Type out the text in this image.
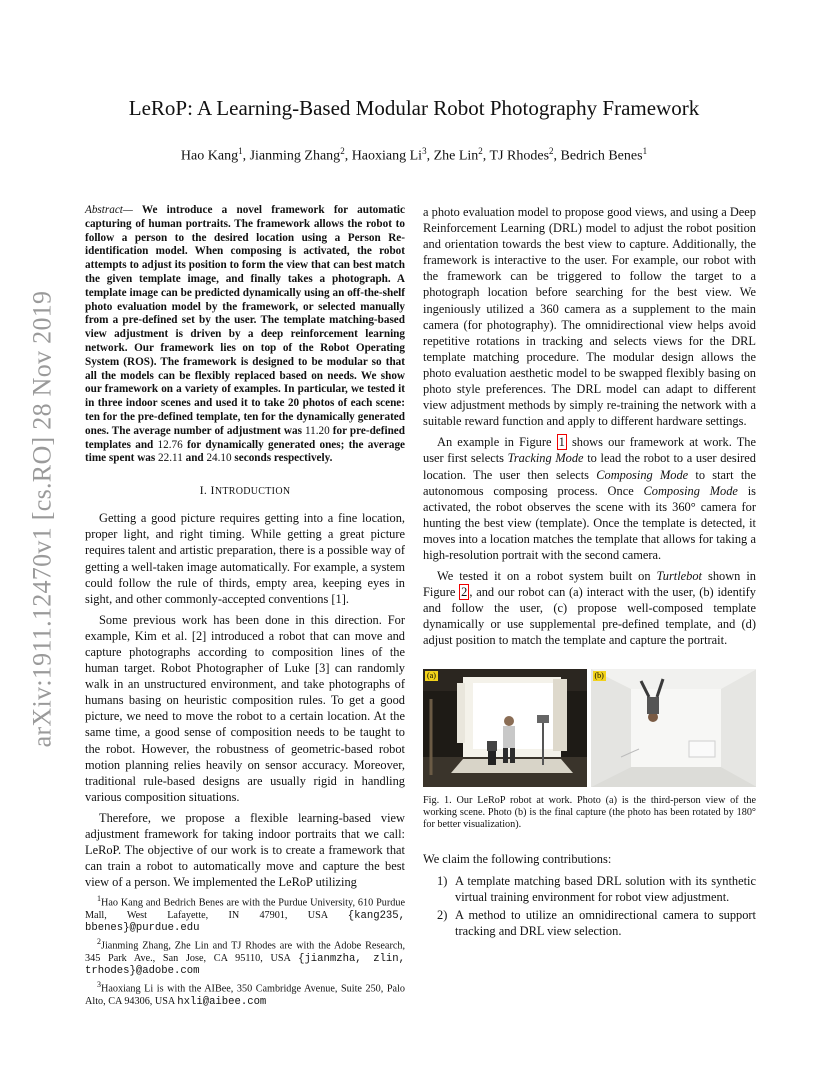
arXiv:1911.12470v1 [cs.RO] 28 Nov 2019
LeRoP: A Learning-Based Modular Robot Photography Framework
Hao Kang$^1$, Jianming Zhang$^2$, Haoxiang Li$^3$, Zhe Lin$^2$, TJ Rhodes$^2$, Bedrich Benes$^1$

Abstract— We introduce a novel framework for automatic capturing of human portraits. The framework allows the robot to follow a person to the desired location using a Person Re-identification model. When composing is activated, the robot attempts to adjust its position to form the view that can best match the given template image, and finally takes a photograph. A template image can be predicted dynamically using an off-the-shelf photo evaluation model by the framework, or selected manually from a pre-defined set by the user. The template matching-based view adjustment is driven by a deep reinforcement learning network. Our framework lies on top of the Robot Operating System (ROS). The framework is designed to be modular so that all the models can be flexibly replaced based on needs. We show our framework on a variety of examples. In particular, we tested it in three indoor scenes and used it to take 20 photos of each scene: ten for the pre-defined template, ten for the dynamically generated ones. The average number of adjustment was 11.20 for pre-defined templates and 12.76 for dynamically generated ones; the average time spent was 22.11 and 24.10 seconds respectively.

I. INTRODUCTION

Getting a good picture requires getting into a fine location, proper light, and right timing. While getting a great picture requires talent and artistic preparation, there is a possible way of getting a well-taken image automatically. For example, a system could follow the rule of thirds, empty area, keeping eyes in sight, and other commonly-accepted conventions [1].

Some previous work has been done in this direction. For example, Kim et al. [2] introduced a robot that can move and capture photographs according to composition lines of the human target. Robot Photographer of Luke [3] can randomly walk in an unstructured environment, and take photographs of humans basing on heuristic composition rules. To get a good picture, we need to move the robot to a certain location. At the same time, a good sense of composition needs to be taught to the robot. However, the robustness of geometric-based robot motion planning relies heavily on sensor accuracy. Moreover, traditional rule-based designs are usually rigid in handling various composition situations.

Therefore, we propose a flexible learning-based view adjustment framework for taking indoor portraits that we call: LeRoP. The objective of our work is to create a framework that can train a robot to automatically move and capture the best view of a person. We implemented the LeRoP utilizing

$^1$Hao Kang and Bedrich Benes are with the Purdue University, 610 Purdue Mall, West Lafayette, IN 47901, USA {kang235, bbenes}@purdue.edu

$^2$Jianming Zhang, Zhe Lin and TJ Rhodes are with the Adobe Research, 345 Park Ave., San Jose, CA 95110, USA {jianmzha, zlin, trhodes}@adobe.com

$^3$Haoxiang Li is with the AIBee, 350 Cambridge Avenue, Suite 250, Palo Alto, CA 94306, USA hxli@aibee.com

a photo evaluation model to propose good views, and using a Deep Reinforcement Learning (DRL) model to adjust the robot position and orientation towards the best view to capture. Additionally, the framework is interactive to the user. For example, our robot with the framework can be triggered to follow the target to a photograph location before searching for the best view. We ingeniously utilized a 360 camera as a supplement to the main camera (for photography). The omnidirectional view helps avoid repetitive rotations in tracking and selects views for the DRL template matching procedure. The modular design allows the photo evaluation aesthetic model to be swapped flexibly basing on photo style preferences. The DRL model can adapt to different view adjustment methods by simply re-training the network with a suitable reward function and apply to different hardware settings.

An example in Figure 1 shows our framework at work. The user first selects Tracking Mode to lead the robot to a user desired location. The user then selects Composing Mode to start the autonomous composing process. Once Composing Mode is activated, the robot observes the scene with its 360° camera for hunting the best view (template). Once the template is detected, it moves into a location matches the template that allows for taking a high-resolution portrait with the second camera.

We tested it on a robot system built on Turtlebot shown in Figure 2 , and our robot can (a) interact with the user, (b) identify and follow the user, (c) propose well-composed template dynamically or use supplemental pre-defined template, and (d) adjust position to match the template and capture the portrait.

(a)	(b)

Fig. 1. Our LeRoP robot at work. Photo (a) is the third-person view of the working scene. Photo (b) is the final capture (the photo has been rotated by 180° for better visualization).

We claim the following contributions:

1) A template matching based DRL solution with its synthetic virtual training environment for robot view adjustment.
2) A method to utilize an omnidirectional camera to support tracking and DRL view selection.
